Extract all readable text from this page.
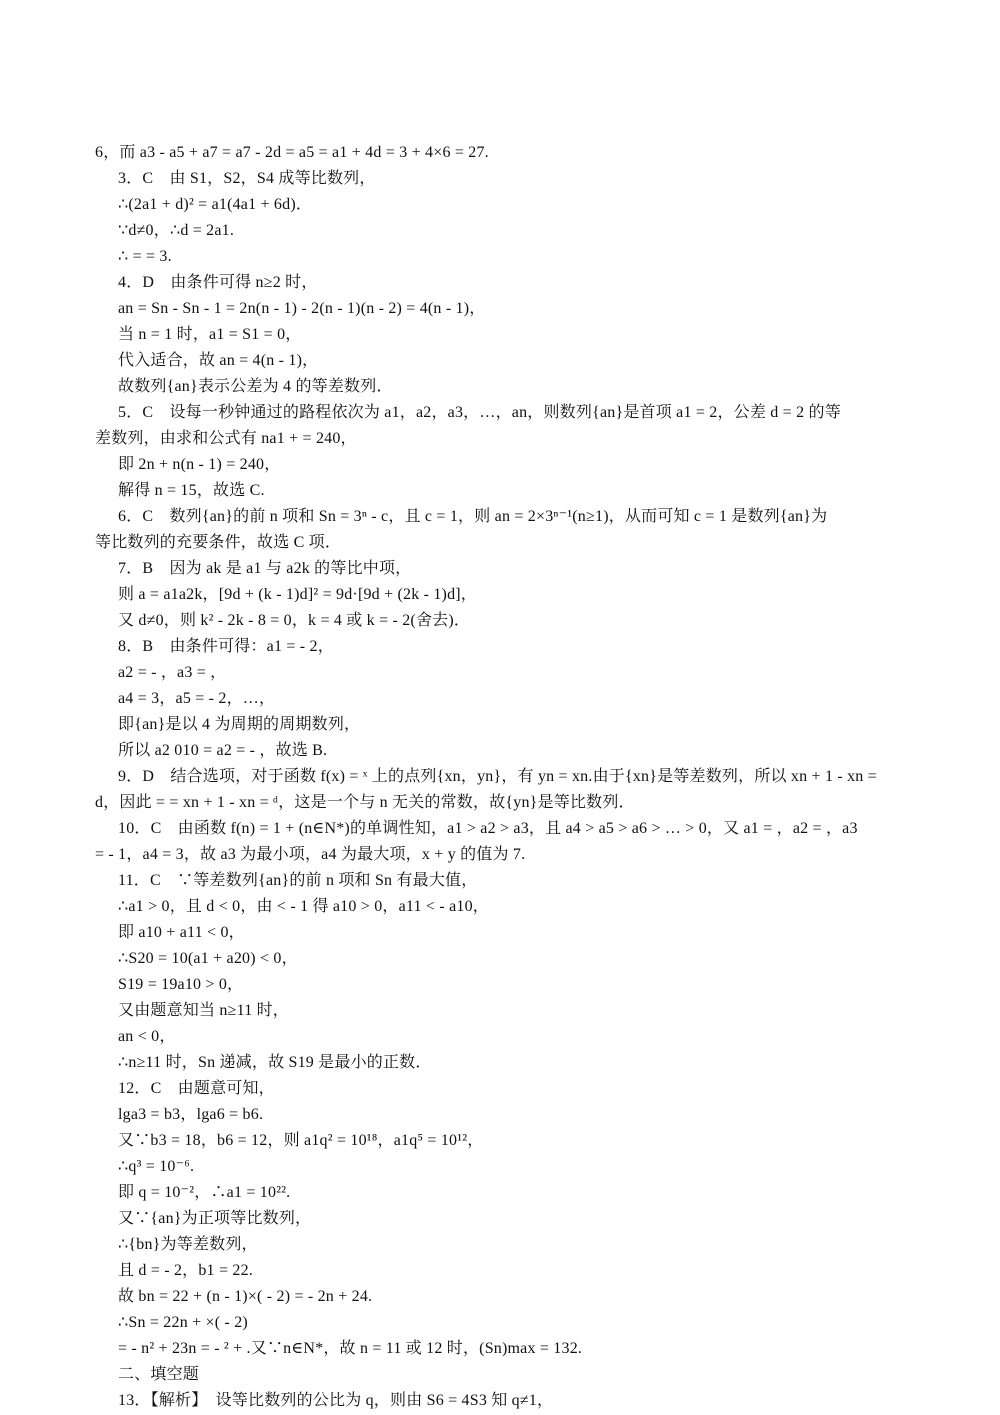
6，而 a3 - a5 + a7 = a7 - 2d = a5 = a1 + 4d = 3 + 4×6 = 27.
3．C　由 S1，S2，S4 成等比数列，
∴(2a1 + d)² = a1(4a1 + 6d)．
∵d≠0，∴d = 2a1.
∴ = = 3.
4．D　由条件可得 n≥2 时，
an = Sn - Sn - 1 = 2n(n - 1) - 2(n - 1)(n - 2) = 4(n - 1)，
当 n = 1 时，a1 = S1 = 0，
代入适合，故 an = 4(n - 1)，
故数列{an}表示公差为 4 的等差数列．
5．C　设每一秒钟通过的路程依次为 a1，a2，a3，…，an，则数列{an}是首项 a1 = 2，公差 d = 2 的等
差数列，由求和公式有 na1 + = 240，
即 2n + n(n - 1) = 240，
解得 n = 15，故选 C.
6．C　数列{an}的前 n 项和 Sn = 3ⁿ - c，且 c = 1，则 an = 2×3ⁿ⁻¹(n≥1)，从而可知 c = 1 是数列{an}为
等比数列的充要条件，故选 C 项．
7．B　因为 ak 是 a1 与 a2k 的等比中项，
则 a = a1a2k，[9d + (k - 1)d]² = 9d·[9d + (2k - 1)d]，
又 d≠0，则 k² - 2k - 8 = 0，k = 4 或 k = - 2(舍去)．
8．B　由条件可得：a1 = - 2，
a2 = - ，a3 = ，
a4 = 3，a5 = - 2，…，
即{an}是以 4 为周期的周期数列，
所以 a2 010 = a2 = - ，故选 B.
9．D　结合选项，对于函数 f(x) = ˣ 上的点列{xn，yn}，有 yn = xn.由于{xn}是等差数列，所以 xn + 1 - xn =
d，因此 = = xn + 1 - xn = ᵈ，这是一个与 n 无关的常数，故{yn}是等比数列．
10．C　由函数 f(n) = 1 + (n∈N*)的单调性知，a1 > a2 > a3，且 a4 > a5 > a6 > … > 0，又 a1 = ，a2 = ，a3
= - 1，a4 = 3，故 a3 为最小项，a4 为最大项，x + y 的值为 7.
11．C　∵等差数列{an}的前 n 项和 Sn 有最大值，
∴a1 > 0，且 d < 0，由 < - 1 得 a10 > 0，a11 < - a10，
即 a10 + a11 < 0，
∴S20 = 10(a1 + a20) < 0，
S19 = 19a10 > 0，
又由题意知当 n≥11 时，
an < 0，
∴n≥11 时，Sn 递减，故 S19 是最小的正数．
12．C　由题意可知，
lga3 = b3，lga6 = b6.
又∵b3 = 18，b6 = 12，则 a1q² = 10¹⁸，a1q⁵ = 10¹²，
∴q³ = 10⁻⁶.
即 q = 10⁻²，∴a1 = 10²².
又∵{an}为正项等比数列，
∴{bn}为等差数列，
且 d = - 2，b1 = 22.
故 bn = 22 + (n - 1)×( - 2) = - 2n + 24.
∴Sn = 22n + ×( - 2)
= - n² + 23n = - ² + .又∵n∈N*，故 n = 11 或 12 时，(Sn)max = 132.
二、填空题
13．【解析】　设等比数列的公比为 q，则由 S6 = 4S3 知 q≠1，
